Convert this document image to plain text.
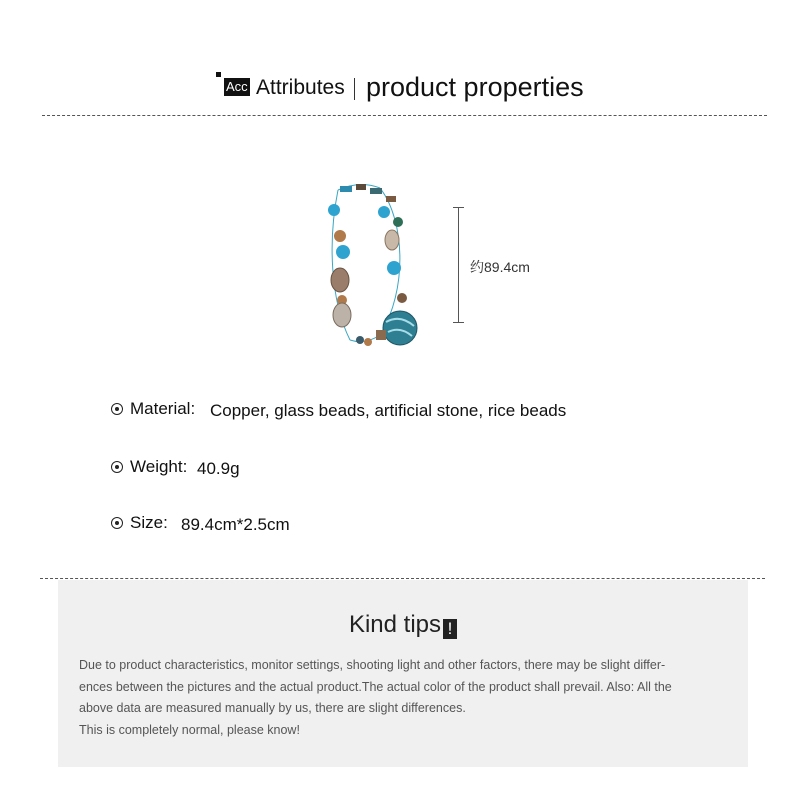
Acc Attributes product properties
约89.4cm
Material: Copper, glass beads, artificial stone, rice beads
Weight: 40.9g
Size: 89.4cm*2.5cm
Kind tips !

Due to product characteristics, monitor settings, shooting light and other factors, there may be slight differ-

ences between the pictures and the actual product.The actual color of the product shall prevail. Also: All the

above data are measured manually by us, there are slight differences.

This is completely normal, please know!
